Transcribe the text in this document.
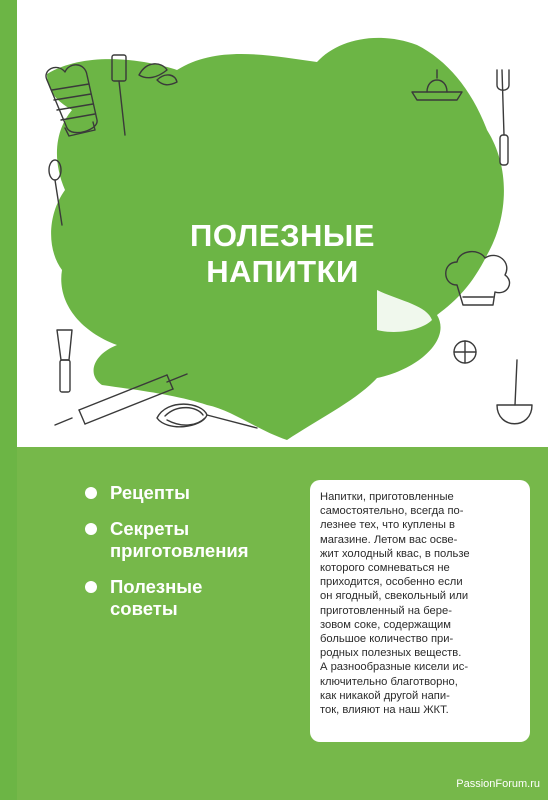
ПОЛЕЗНЫЕ
НАПИТКИ
Рецепты
Секреты
приготовления
Полезные
советы
Напитки, приготовленные
самостоятельно, всегда по-
лезнее тех, что куплены в
магазине. Летом вас осве-
жит холодный квас, в пользе
которого сомневаться не
приходится, особенно если
он ягодный, свекольный или
приготовленный на бере-
зовом соке, содержащим
большое количество при-
родных полезных веществ.
А разнообразные кисели ис-
ключительно благотворно,
как никакой другой напи-
ток, влияют на наш ЖКТ.
PassionForum.ru
